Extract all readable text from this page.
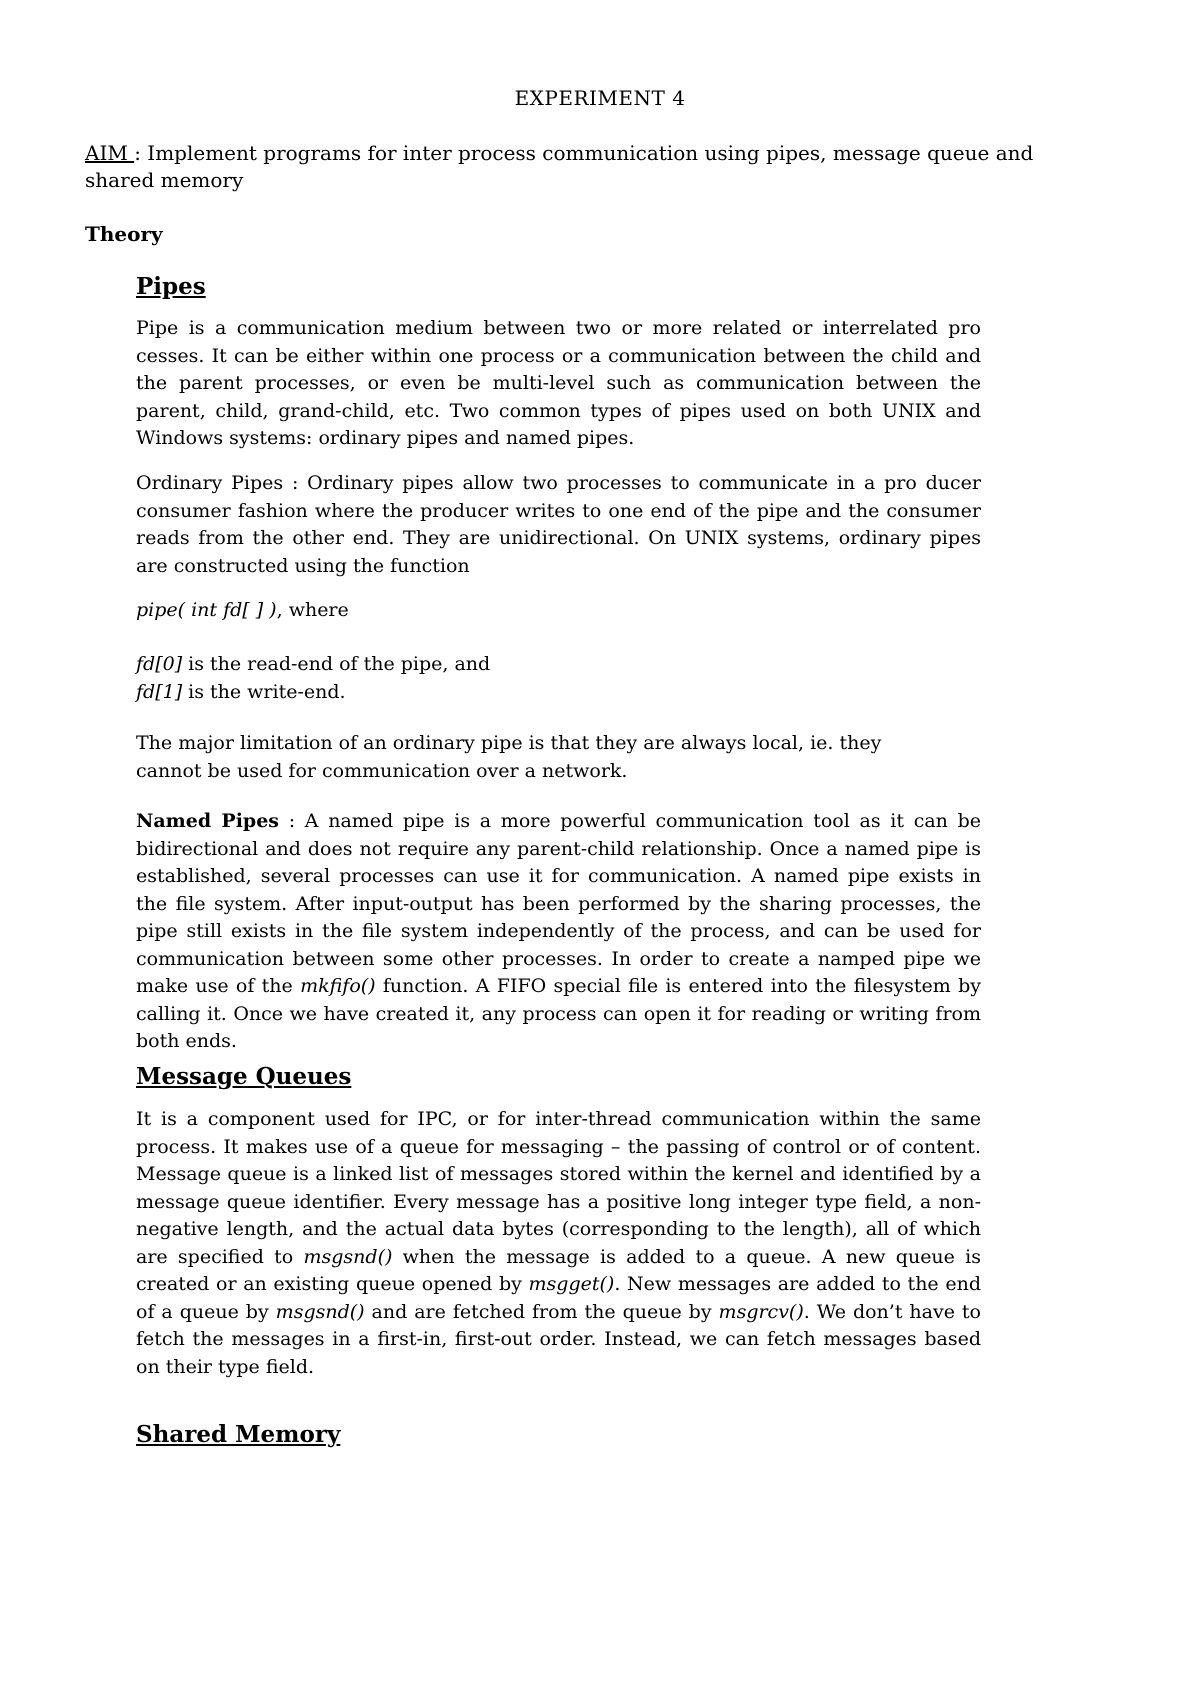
EXPERIMENT 4
AIM : Implement programs for inter process communication using pipes, message queue and shared memory
Theory
Pipes

Pipe is a communication medium between two or more related or interrelated pro cesses. It can be either within one process or a communication between the child and the parent processes, or even be multi-level such as communication between the parent, child, grand-child, etc. Two common types of pipes used on both UNIX and Windows systems: ordinary pipes and named pipes.

Ordinary Pipes : Ordinary pipes allow two processes to communicate in a pro ducer consumer fashion where the producer writes to one end of the pipe and the consumer reads from the other end. They are unidirectional. On UNIX systems, ordinary pipes are constructed using the function

pipe( int fd[ ] ), where

fd[0] is the read-end of the pipe, and

fd[1] is the write-end.

The major limitation of an ordinary pipe is that they are always local, ie. they cannot be used for communication over a network.

Named Pipes : A named pipe is a more powerful communication tool as it can be bidirectional and does not require any parent-child relationship. Once a named pipe is established, several processes can use it for communication. A named pipe exists in the file system. After input-output has been performed by the sharing processes, the pipe still exists in the file system independently of the process, and can be used for communication between some other processes. In order to create a namped pipe we make use of the mkfifo() function. A FIFO special file is entered into the filesystem by calling it. Once we have created it, any process can open it for reading or writing from both ends.

Message Queues

It is a component used for IPC, or for inter-thread communication within the same process. It makes use of a queue for messaging – the passing of control or of content. Message queue is a linked list of messages stored within the kernel and identified by a message queue identifier. Every message has a positive long integer type field, a non-negative length, and the actual data bytes (corresponding to the length), all of which are specified to msgsnd() when the message is added to a queue. A new queue is created or an existing queue opened by msgget(). New messages are added to the end of a queue by msgsnd() and are fetched from the queue by msgrcv(). We don’t have to fetch the messages in a first-in, first-out order. Instead, we can fetch messages based on their type field.

Shared Memory
